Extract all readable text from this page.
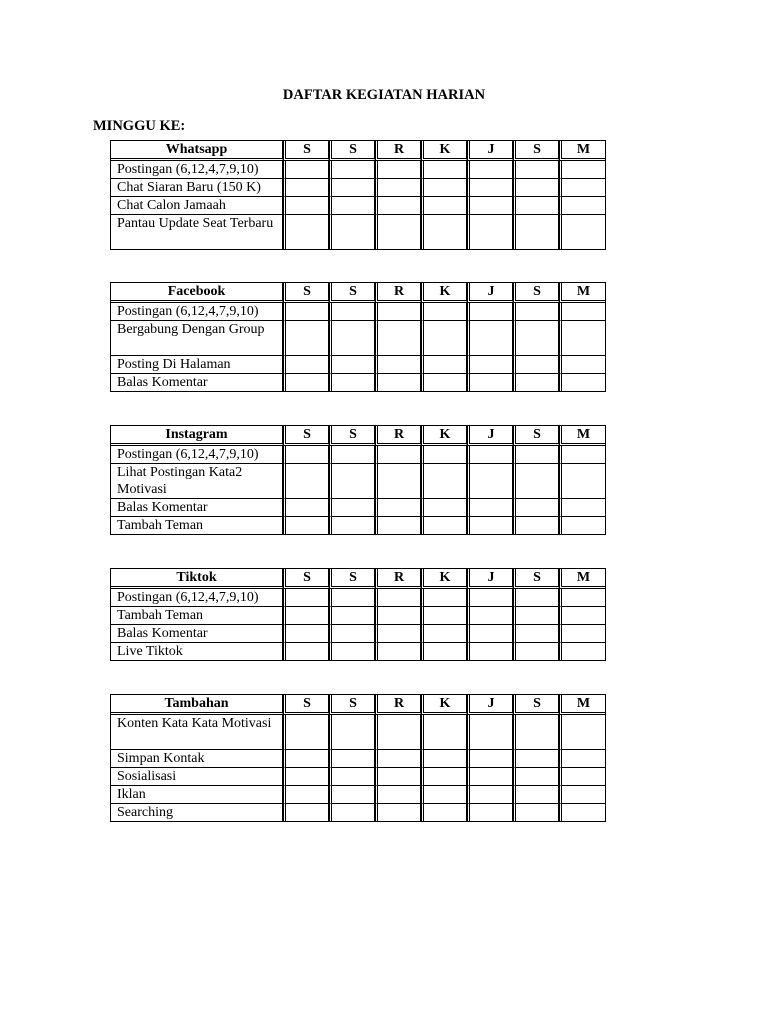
DAFTAR KEGIATAN HARIAN
MINGGU KE:
Whatsapp	S	S	R	K	J	S	M
Postingan (6,12,4,7,9,10)							
Chat Siaran Baru (150 K)							
Chat Calon Jamaah							
Pantau Update Seat Terbaru							
Facebook	S	S	R	K	J	S	M
Postingan (6,12,4,7,9,10)							
Bergabung Dengan Group							
Posting Di Halaman							
Balas Komentar							
Instagram	S	S	R	K	J	S	M
Postingan (6,12,4,7,9,10)							
Lihat Postingan Kata2 Motivasi							
Balas Komentar							
Tambah Teman							
Tiktok	S	S	R	K	J	S	M
Postingan (6,12,4,7,9,10)							
Tambah Teman							
Balas Komentar							
Live Tiktok							
Tambahan	S	S	R	K	J	S	M
Konten Kata Kata Motivasi							
Simpan Kontak							
Sosialisasi							
Iklan							
Searching							
